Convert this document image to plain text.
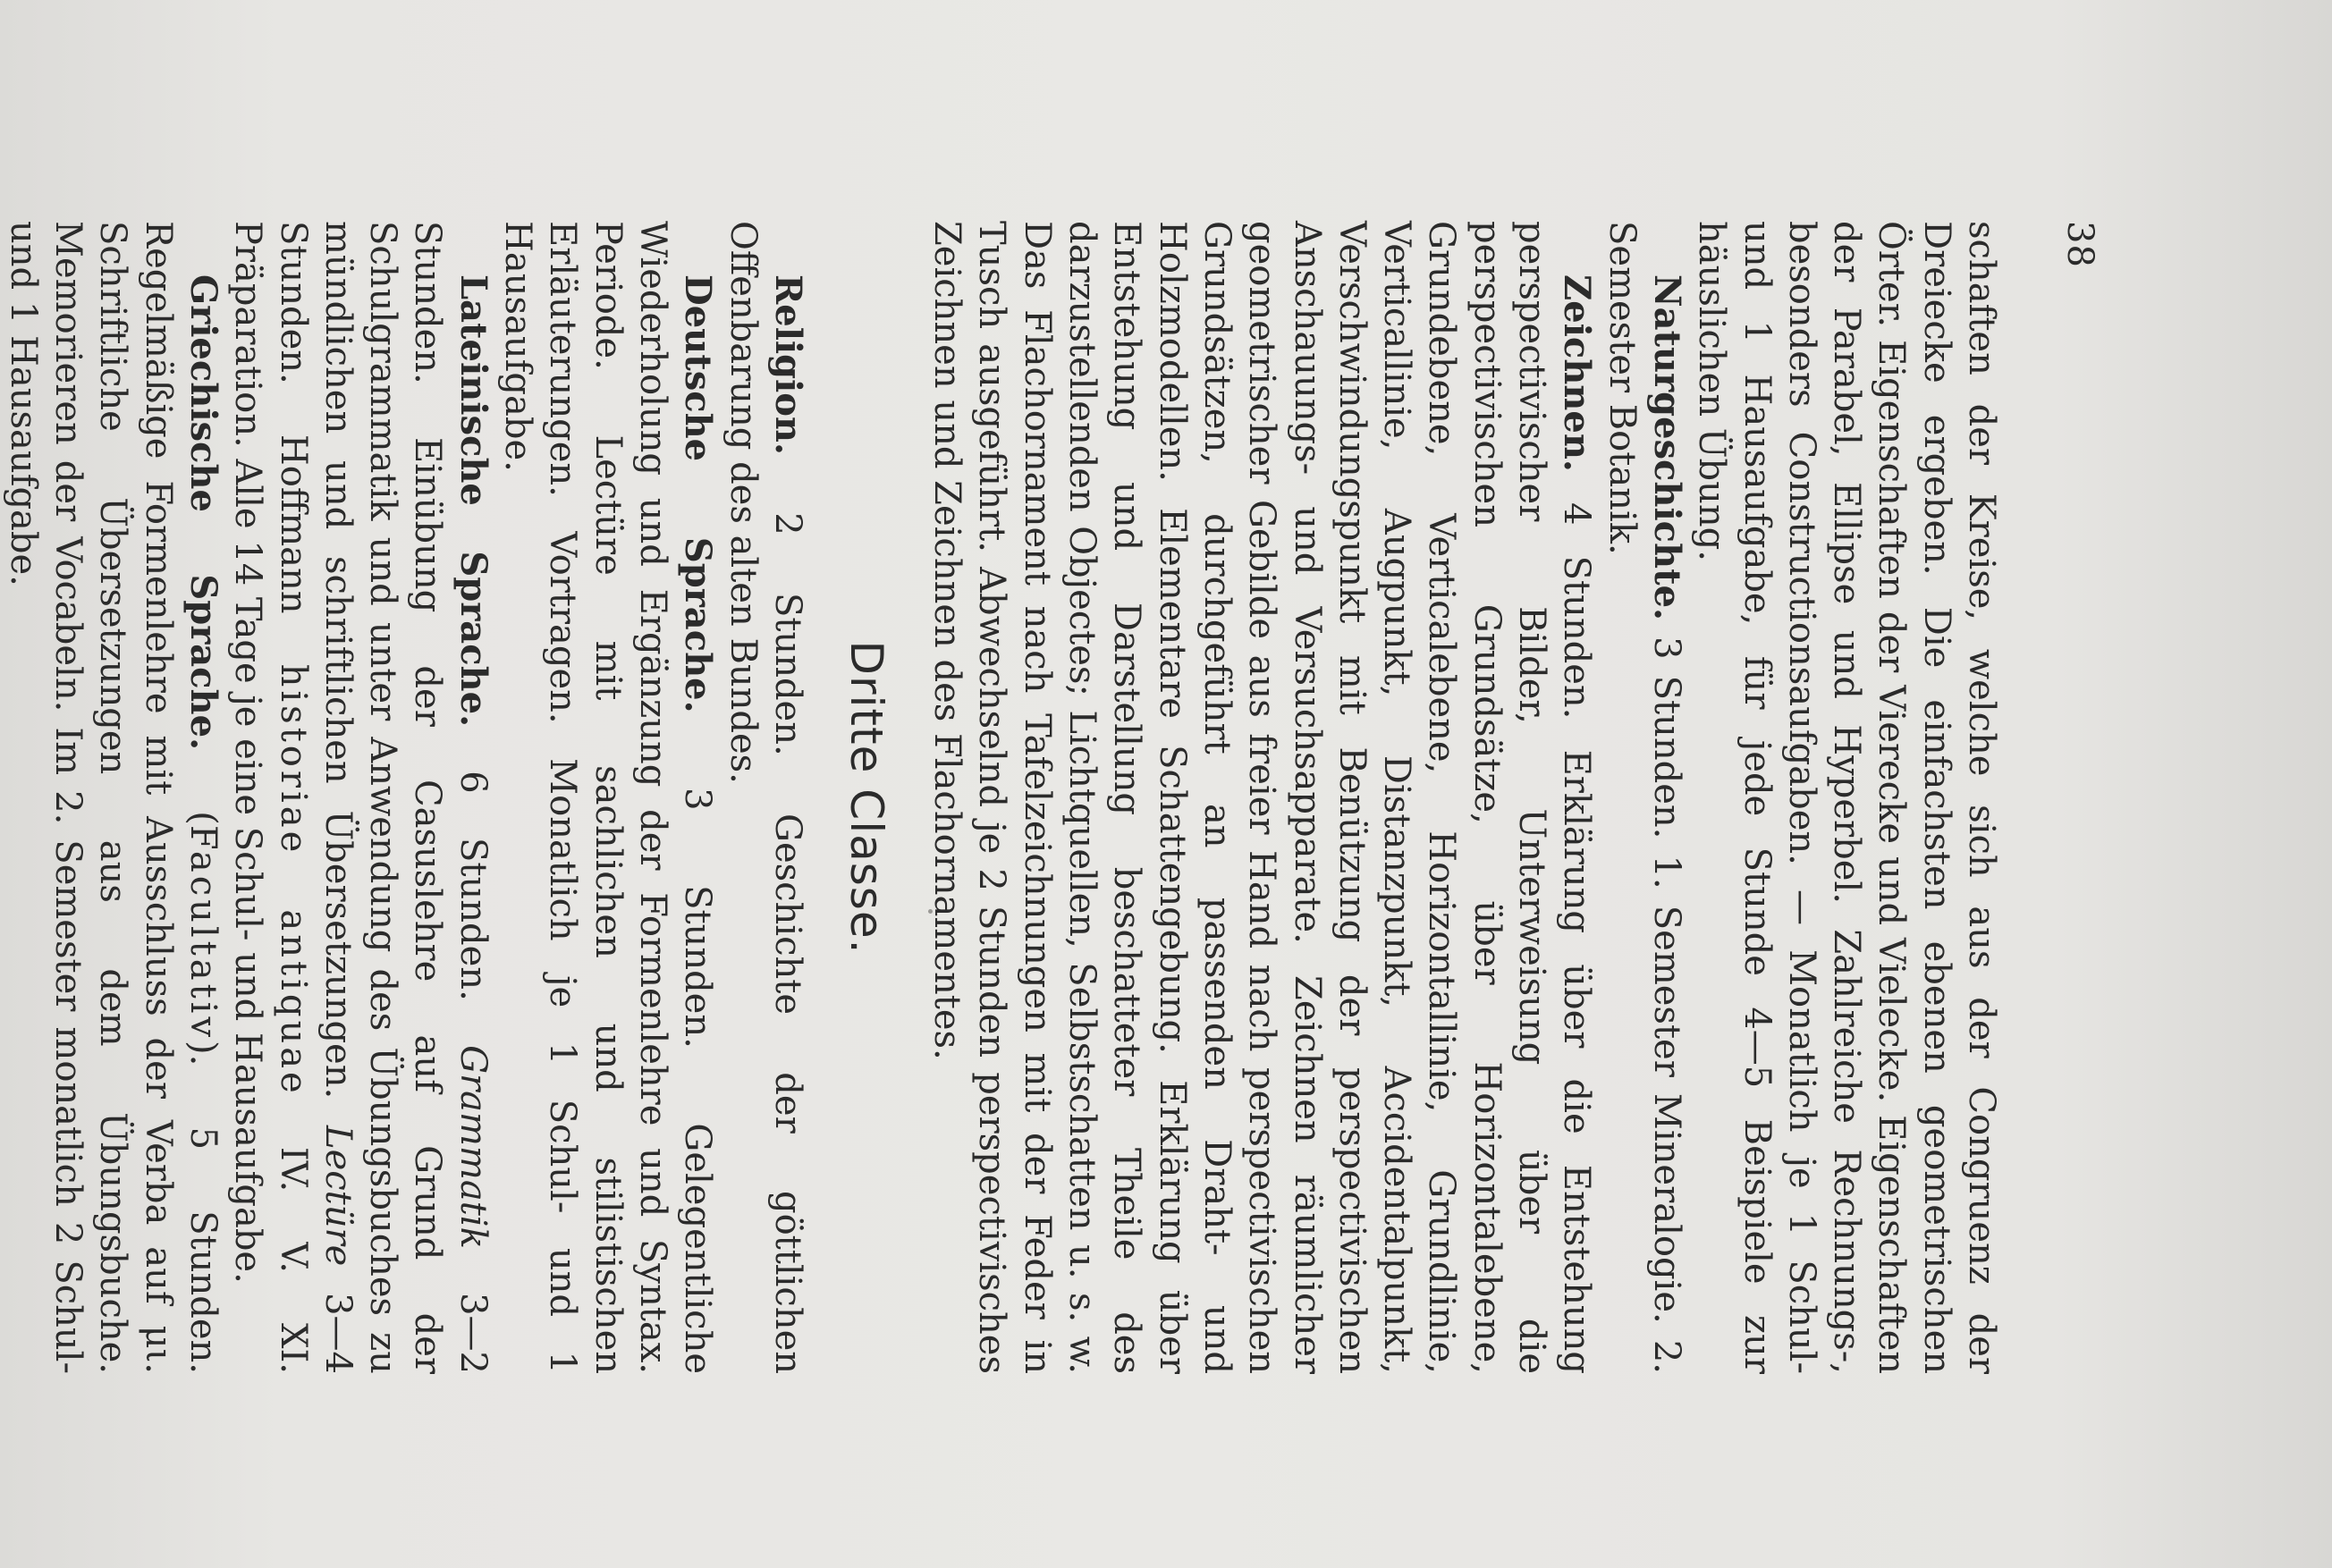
38

schaften der Kreise, welche sich aus der Congruenz der Dreiecke ergeben. Die einfachsten ebenen geometrischen Örter. Eigenschaften der Vierecke und Vielecke. Eigenschaften der Parabel, Ellipse und Hyperbel. Zahlreiche Rechnungs-, besonders Constructionsaufgaben. — Monatlich je 1 Schul- und 1 Hausaufgabe, für jede Stunde 4—5 Beispiele zur häuslichen Übung.

Naturgeschichte. 3 Stunden. 1. Semester Mineralogie. 2. Semester Botanik.

Zeichnen. 4 Stunden. Erklärung über die Entstehung perspectivischer Bilder, Unterweisung über die perspectivischen Grundsätze, über Horizontalebene, Grundebene, Verticalebene, Horizontallinie, Grundlinie, Verticallinie, Augpunkt, Distanzpunkt, Accidentalpunkt, Verschwindungspunkt mit Benützung der perspectivischen Anschauungs- und Versuchsapparate. Zeichnen räumlicher geometrischer Gebilde aus freier Hand nach perspectivischen Grundsätzen, durchgeführt an passenden Draht- und Holzmodellen. Elementare Schattengebung. Erklärung über Entstehung und Darstellung beschatteter Theile des darzustellenden Objectes; Lichtquellen, Selbstschatten u. s. w. Das Flachornament nach Tafelzeichnungen mit der Feder in Tusch ausgeführt. Abwechselnd je 2 Stunden perspectivisches Zeichnen und Zeichnen des Flachornamentes.

Dritte Classe.

Religion. 2 Stunden. Geschichte der göttlichen Offenbarung des alten Bundes.

Deutsche Sprache. 3 Stunden. Gelegentliche Wiederholung und Ergänzung der Formenlehre und Syntax. Periode. Lectüre mit sachlichen und stilistischen Erläuterungen. Vortragen. Monatlich je 1 Schul- und 1 Hausaufgabe.

Lateinische Sprache. 6 Stunden. Grammatik 3—2 Stunden. Einübung der Casuslehre auf Grund der Schulgrammatik und unter Anwendung des Übungsbuches zu mündlichen und schriftlichen Übersetzungen. Lectüre 3—4 Stunden. Hoffmann historiae antiquae IV. V. XI. Präparation. Alle 14 Tage je eine Schul- und Hausaufgabe.

Griechische Sprache. (Facultativ). 5 Stunden. Regelmäßige Formenlehre mit Ausschluss der Verba auf μι. Schriftliche Übersetzungen aus dem Übungsbuche. Memorieren der Vocabeln. Im 2. Semester monatlich 2 Schul- und 1 Hausaufgabe.
